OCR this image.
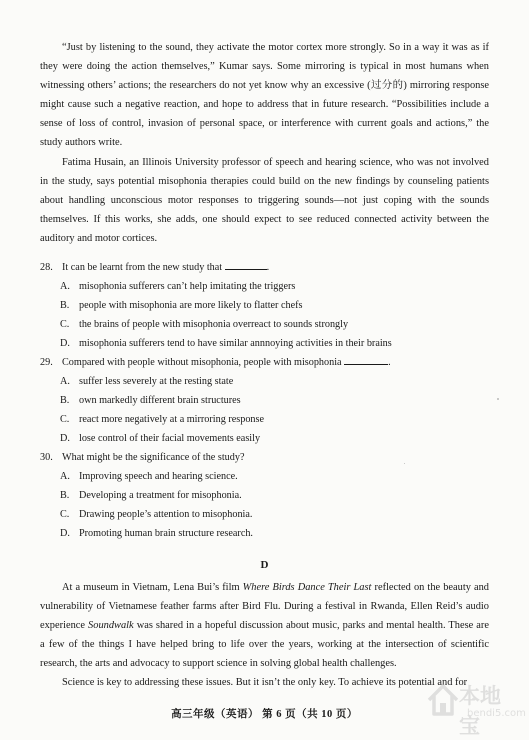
“Just by listening to the sound, they activate the motor cortex more strongly. So in a way it was as if they were doing the action themselves,” Kumar says. Some mirroring is typical in most humans when witnessing others’ actions; the researchers do not yet know why an excessive (过分的) mirroring response might cause such a negative reaction, and hope to address that in future research. “Possibilities include a sense of loss of control, invasion of personal space, or interference with current goals and actions,” the study authors write.

Fatima Husain, an Illinois University professor of speech and hearing science, who was not involved in the study, says potential misophonia therapies could build on the new findings by counseling patients about handling unconscious motor responses to triggering sounds—not just coping with the sounds themselves. If this works, she adds, one should expect to see reduced connected activity between the auditory and motor cortices.

28. It can be learnt from the new study that	.
A. misophonia sufferers can’t help imitating the triggers
B. people with misophonia are more likely to flatter chefs
C. the brains of people with misophonia overreact to sounds strongly
D. misophonia sufferers tend to have similar annnoying activities in their brains
29. Compared with people without misophonia, people with misophonia	.
A. suffer less severely at the resting state
B. own markedly different brain structures
C. react more negatively at a mirroring response
D. lose control of their facial movements easily
30. What might be the significance of the study?
A. Improving speech and hearing science.
B. Developing a treatment for misophonia.
C. Drawing people’s attention to misophonia.
D. Promoting human brain structure research.
D

At a museum in Vietnam, Lena Bui’s film Where Birds Dance Their Last reflected on the beauty and vulnerability of Vietnamese feather farms after Bird Flu. During a festival in Rwanda, Ellen Reid’s audio experience Soundwalk was shared in a hopeful discussion about music, parks and mental health. These are a few of the things I have helped bring to life over the years, working at the intersection of scientific research, the arts and advocacy to support science in solving global health challenges.

Science is key to addressing these issues. But it isn’t the only key. To achieve its potential and for

高三年级（英语） 第 6 页（共 10 页）
本地宝
bendi5.com
